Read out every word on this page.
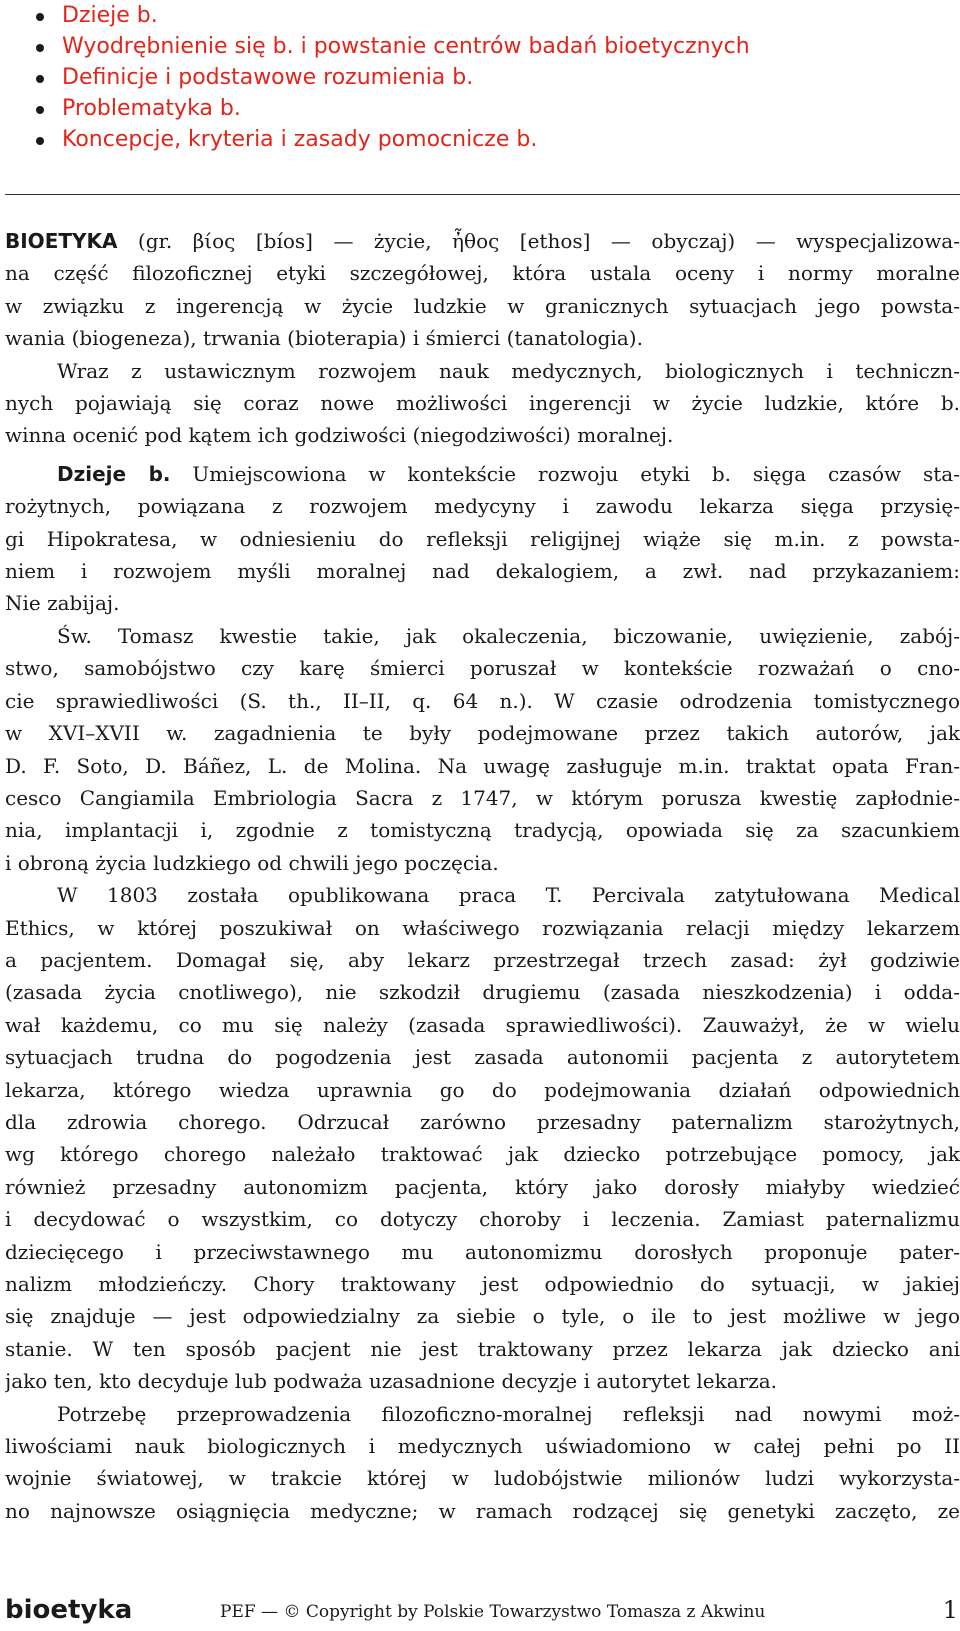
Dzieje b.
Wyodrębnienie się b. i powstanie centrów badań bioetycznych
Definicje i podstawowe rozumienia b.
Problematyka b.
Koncepcje, kryteria i zasady pomocnicze b.
BIOETYKA (gr. βίος [bíos] — życie, ἦθος [ethos] — obyczaj) — wyspecjalizowa-
na część filozoficznej etyki szczegółowej, która ustala oceny i normy moralne
w związku z ingerencją w życie ludzkie w granicznych sytuacjach jego powsta-
wania (biogeneza), trwania (bioterapia) i śmierci (tanatologia).
Wraz z ustawicznym rozwojem nauk medycznych, biologicznych i techniczn-
nych pojawiają się coraz nowe możliwości ingerencji w życie ludzkie, które b.
winna ocenić pod kątem ich godziwości (niegodziwości) moralnej.
Dzieje b. Umiejscowiona w kontekście rozwoju etyki b. sięga czasów sta-
rożytnych, powiązana z rozwojem medycyny i zawodu lekarza sięga przysię-
gi Hipokratesa, w odniesieniu do refleksji religijnej wiąże się m.in. z powsta-
niem i rozwojem myśli moralnej nad dekalogiem, a zwł. nad przykazaniem:
Nie zabijaj.
Św. Tomasz kwestie takie, jak okaleczenia, biczowanie, uwięzienie, zabój-
stwo, samobójstwo czy karę śmierci poruszał w kontekście rozważań o cno-
cie sprawiedliwości (S. th., II–II, q. 64 n.). W czasie odrodzenia tomistycznego
w XVI–XVII w. zagadnienia te były podejmowane przez takich autorów, jak
D. F. Soto, D. Báñez, L. de Molina. Na uwagę zasługuje m.in. traktat opata Fran-
cesco Cangiamila Embriologia Sacra z 1747, w którym porusza kwestię zapłodnie-
nia, implantacji i, zgodnie z tomistyczną tradycją, opowiada się za szacunkiem
i obroną życia ludzkiego od chwili jego poczęcia.
W 1803 została opublikowana praca T. Percivala zatytułowana Medical
Ethics, w której poszukiwał on właściwego rozwiązania relacji między lekarzem
a pacjentem. Domagał się, aby lekarz przestrzegał trzech zasad: żył godziwie
(zasada życia cnotliwego), nie szkodził drugiemu (zasada nieszkodzenia) i odda-
wał każdemu, co mu się należy (zasada sprawiedliwości). Zauważył, że w wielu
sytuacjach trudna do pogodzenia jest zasada autonomii pacjenta z autorytetem
lekarza, którego wiedza uprawnia go do podejmowania działań odpowiednich
dla zdrowia chorego. Odrzucał zarówno przesadny paternalizm starożytnych,
wg którego chorego należało traktować jak dziecko potrzebujące pomocy, jak
również przesadny autonomizm pacjenta, który jako dorosły miałyby wiedzieć
i decydować o wszystkim, co dotyczy choroby i leczenia. Zamiast paternalizmu
dziecięcego i przeciwstawnego mu autonomizmu dorosłych proponuje pater-
nalizm młodzieńczy. Chory traktowany jest odpowiednio do sytuacji, w jakiej
się znajduje — jest odpowiedzialny za siebie o tyle, o ile to jest możliwe w jego
stanie. W ten sposób pacjent nie jest traktowany przez lekarza jak dziecko ani
jako ten, kto decyduje lub podważa uzasadnione decyzje i autorytet lekarza.
Potrzebę przeprowadzenia filozoficzno-moralnej refleksji nad nowymi moż-
liwościami nauk biologicznych i medycznych uświadomiono w całej pełni po II
wojnie światowej, w trakcie której w ludobójstwie milionów ludzi wykorzysta-
no najnowsze osiągnięcia medyczne; w ramach rodzącej się genetyki zaczęto, ze
bioetyka	PEF — © Copyright by Polskie Towarzystwo Tomasza z Akwinu	1
